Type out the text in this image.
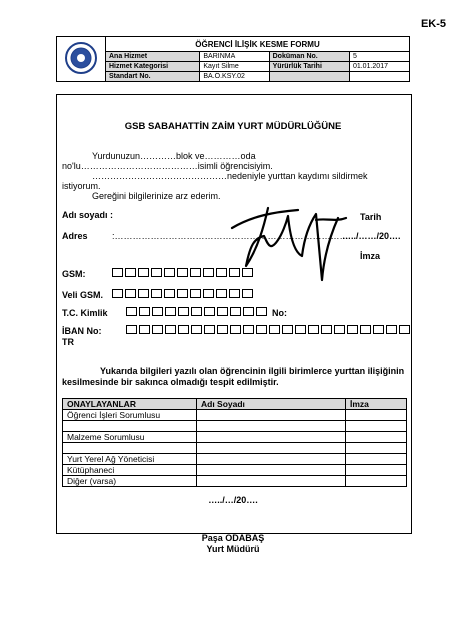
EK-5
	ÖĞRENCİ İLİŞİK KESME FORMU			
	Ana Hizmet	BARINMA	Doküman No.	5
	Hizmet Kategorisi	Kayıt Silme	Yürürlük Tarihi	01.01.2017
	Standart No.	BA.Ö.KSY.02		
GSB SABAHATTİN ZAİM YURT MÜDÜRLÜĞÜNE
Yurdunuzun…………blok ve…………oda
no'lu…………………………………isimli öğrencisiyim.
………………………………………nedeniyle yurttan kaydımı sildirmek
istiyorum.
Gereğini bilgilerinize arz ederim.
Adı soyadı :	Tarih
Adres	:……………………………………………………………………
…../……/20….
İmza
GSM:
Veli GSM.
T.C. Kimlik	No:
İBAN No:
TR
Yukarıda bilgileri yazılı olan öğrencinin ilgili birimlerce yurttan ilişiğinin
kesilmesinde bir sakınca olmadığı tespit edilmiştir.
ONAYLAYANLAR	Adı Soyadı	İmza
Öğrenci İşleri Sorumlusu		

Malzeme Sorumlusu		

Yurt Yerel Ağ Yöneticisi		
Kütüphaneci		
Diğer (varsa)		
…../…/20….
Paşa ODABAŞ
Yurt Müdürü
